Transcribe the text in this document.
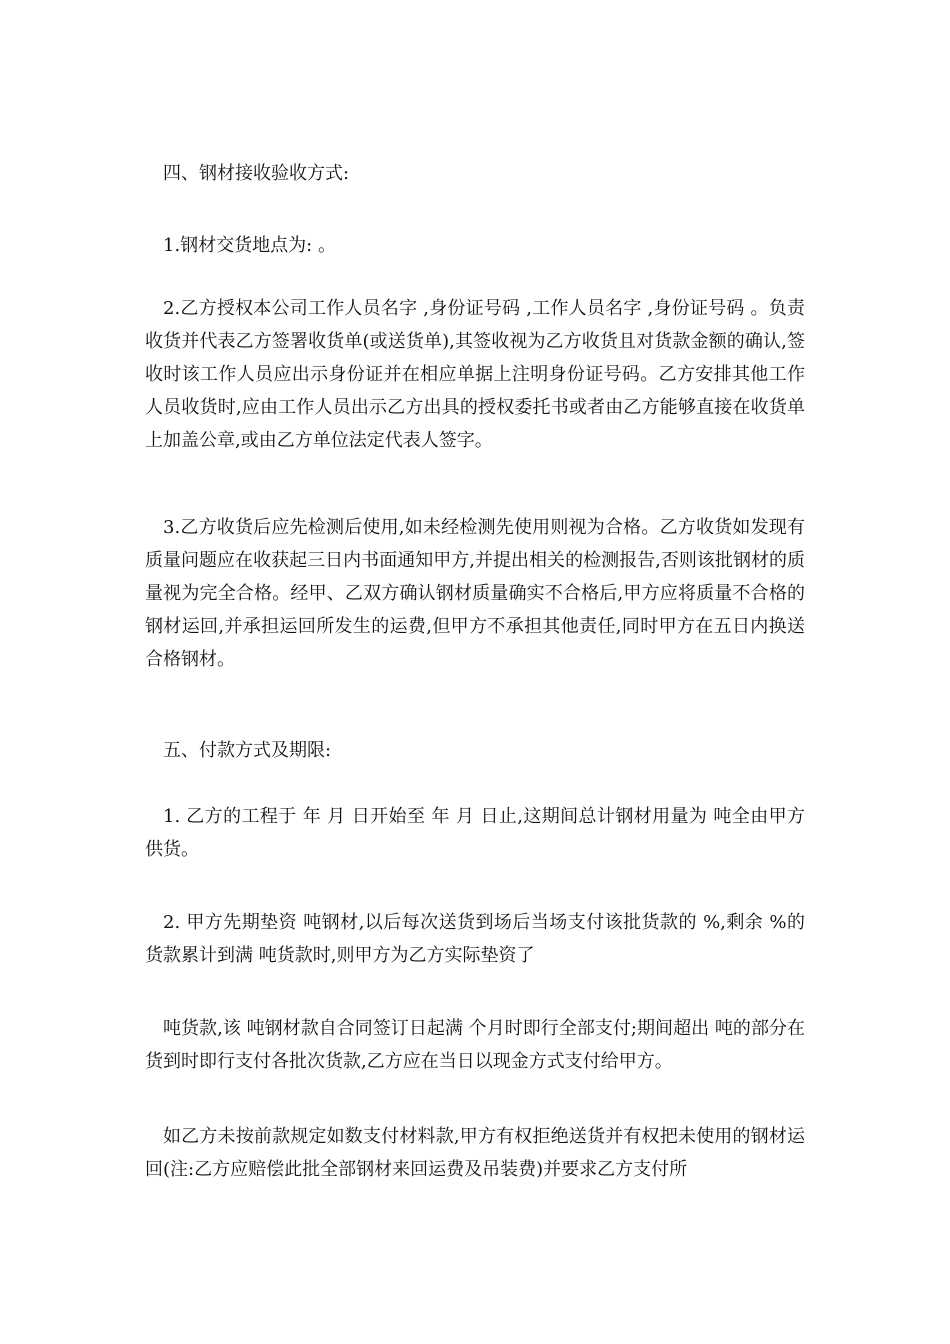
四、钢材接收验收方式:

1.钢材交货地点为: 。

2.乙方授权本公司工作人员名字 ,身份证号码 ,工作人员名字 ,身份证号码 。负责收货并代表乙方签署收货单(或送货单),其签收视为乙方收货且对货款金额的确认,签收时该工作人员应出示身份证并在相应单据上注明身份证号码。乙方安排其他工作人员收货时,应由工作人员出示乙方出具的授权委托书或者由乙方能够直接在收货单上加盖公章,或由乙方单位法定代表人签字。

3.乙方收货后应先检测后使用,如未经检测先使用则视为合格。乙方收货如发现有质量问题应在收获起三日内书面通知甲方,并提出相关的检测报告,否则该批钢材的质量视为完全合格。经甲、乙双方确认钢材质量确实不合格后,甲方应将质量不合格的钢材运回,并承担运回所发生的运费,但甲方不承担其他责任,同时甲方在五日内换送合格钢材。

五、付款方式及期限:

1. 乙方的工程于 年 月 日开始至 年 月 日止,这期间总计钢材用量为 吨全由甲方供货。

2. 甲方先期垫资 吨钢材,以后每次送货到场后当场支付该批货款的 %,剩余 %的货款累计到满 吨货款时,则甲方为乙方实际垫资了

吨货款,该 吨钢材款自合同签订日起满 个月时即行全部支付;期间超出 吨的部分在货到时即行支付各批次货款,乙方应在当日以现金方式支付给甲方。

如乙方未按前款规定如数支付材料款,甲方有权拒绝送货并有权把未使用的钢材运回(注:乙方应赔偿此批全部钢材来回运费及吊装费)并要求乙方支付所
